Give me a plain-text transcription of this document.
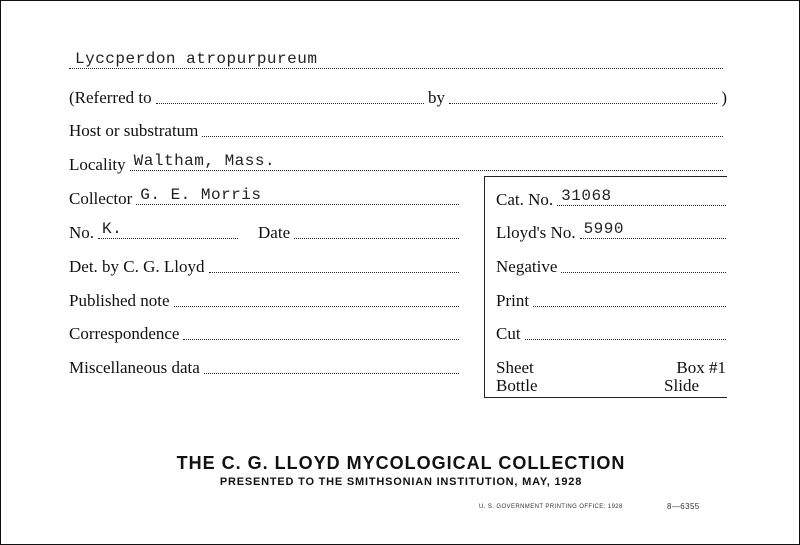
Lyccperdon atropurpureum
(Referred to	by	)
Host or substratum
Locality Waltham, Mass.
Collector G. E. Morris
No. K.	Date
Det. by C. G. Lloyd
Published note
Correspondence
Miscellaneous data
Cat. No. 31068
Lloyd's No. 5990
Negative
Print
Cut
Sheet	Box #1
Bottle	Slide
THE C. G. LLOYD MYCOLOGICAL COLLECTION
PRESENTED TO THE SMITHSONIAN INSTITUTION, MAY, 1928
U. S. GOVERNMENT PRINTING OFFICE: 1928	8—6355
